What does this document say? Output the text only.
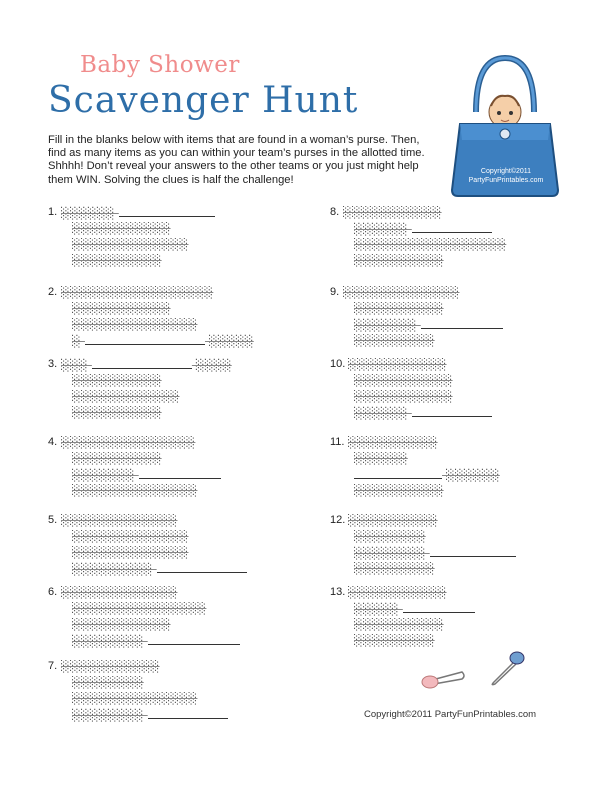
Baby Shower
Scavenger Hunt
Fill in the blanks below with items that are found in a woman’s purse. Then, find as many items as you can within your team’s purses in the allotted time. Shhhh! Don’t reveal your answers to the other teams or you just might help them WIN. Solving the clues is half the challenge!
Copyright©2011
PartyFunPrintables.com
1. ░░░░░░
░░░░░░░░░░░
░░░░░░░░░░░░░
░░░░░░░░░░
2. ░░░░░░░░░░░░░░░░░
░░░░░░░░░░░
░░░░░░░░░░░░░░
░	░░░░░
3. ░░░	░░░░
░░░░░░░░░░
░░░░░░░░░░░░
░░░░░░░░░░
4. ░░░░░░░░░░░░░░░
░░░░░░░░░░
░░░░░░░
░░░░░░░░░░░░░░
5. ░░░░░░░░░░░░░
░░░░░░░░░░░░░
░░░░░░░░░░░░░
░░░░░░░░░
6. ░░░░░░░░░░░░░
░░░░░░░░░░░░░░░
░░░░░░░░░░░
░░░░░░░░
7. ░░░░░░░░░░░
░░░░░░░░
░░░░░░░░░░░░░░
░░░░░░░░
8. ░░░░░░░░░░░
░░░░░░
░░░░░░░░░░░░░░░░░
░░░░░░░░░░
9. ░░░░░░░░░░░░░
░░░░░░░░░░
░░░░░░░
░░░░░░░░░
10. ░░░░░░░░░░░
░░░░░░░░░░░
░░░░░░░░░░░
░░░░░░
11. ░░░░░░░░░░
░░░░░░
░░░░░░
░░░░░░░░░░
12. ░░░░░░░░░░
░░░░░░░░
░░░░░░░░
░░░░░░░░░
13. ░░░░░░░░░░░
░░░░░
░░░░░░░░░░
░░░░░░░░░
Copyright©2011 PartyFunPrintables.com
